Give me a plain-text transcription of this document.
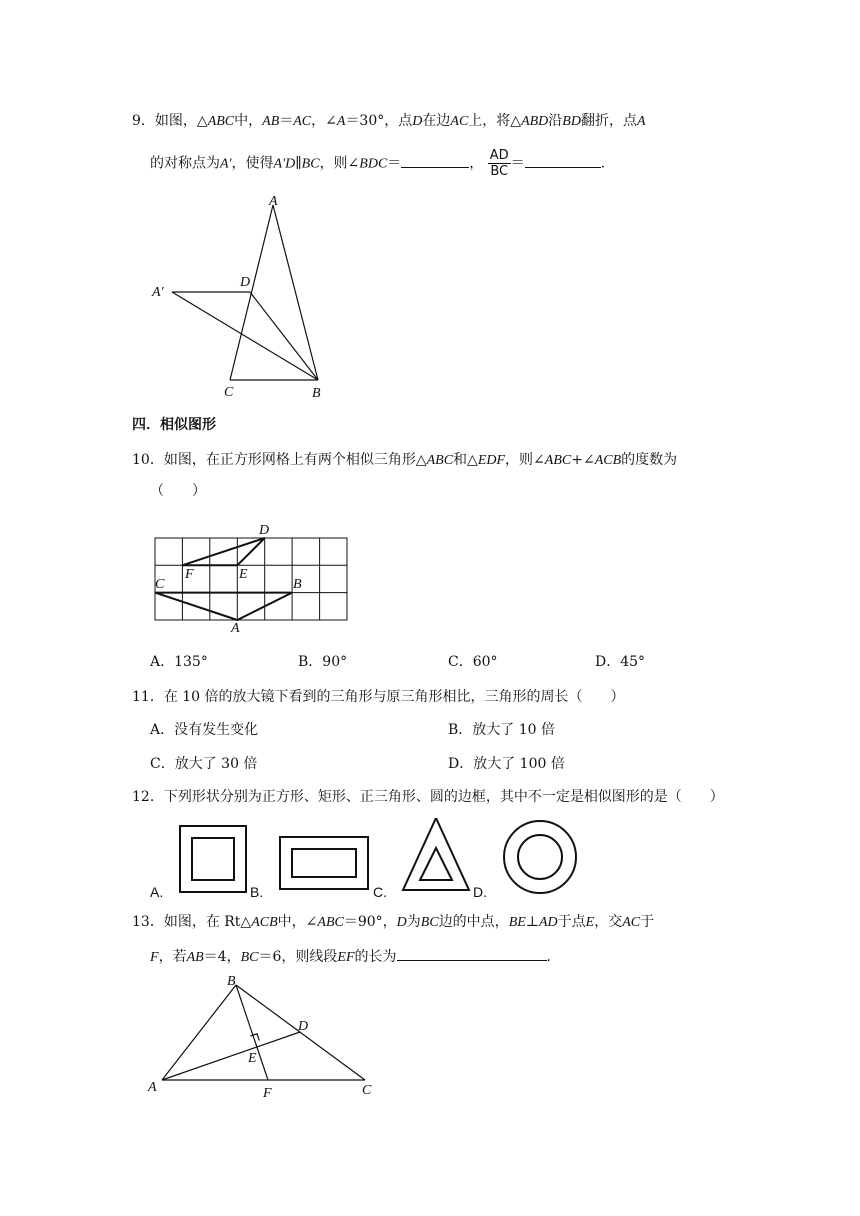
9．如图，△ABC中，AB＝AC，∠A＝30°，点D在边AC上，将△ABD沿BD翻折，点A
的对称点为A'，使得A'D∥BC，则∠BDC＝	， $\frac{AD}{BC}$ ＝	.
A
D
A'
C	B
四．相似图形
10．如图，在正方形网格上有两个相似三角形△ABC和△EDF，则∠ABC+∠ACB的度数为
（　　）
D
F	E
C	B
A
A．135°	B．90°	C．60°	D．45°
11．在 10 倍的放大镜下看到的三角形与原三角形相比，三角形的周长（　　）
A．没有发生变化	B．放大了 10 倍
C．放大了 30 倍	D．放大了 100 倍
12．下列形状分别为正方形、矩形、正三角形、圆的边框，其中不一定是相似图形的是（　　）
A.	B.	C.	D.
13．如图，在 Rt△ACB中，∠ABC＝90°，D为BC边的中点，BE⊥AD于点E，交AC于
F，若AB＝4，BC＝6，则线段EF的长为	.
B
D
E
A	F	C
